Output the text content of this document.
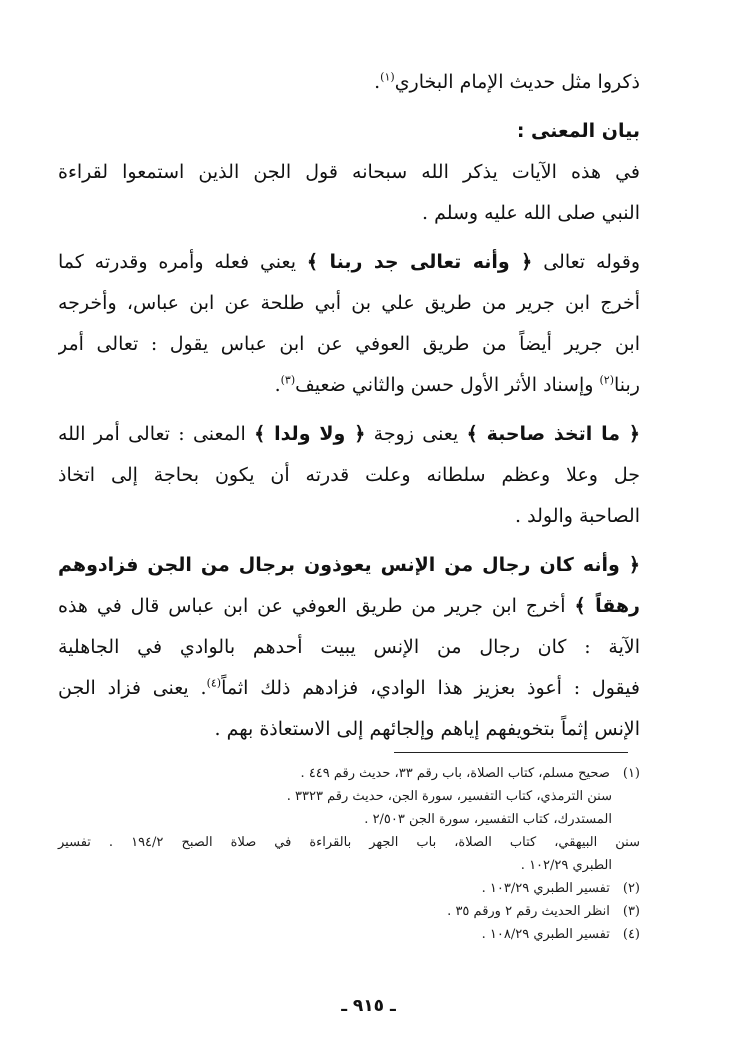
ذكروا مثل حديث الإمام البخاري$^{(١)}$.
بيان المعنى :
في هذه الآيات يذكر الله سبحانه قول الجن الذين استمعوا لقراءة
النبي صلى الله عليه وسلم .
وقوله تعالى ﴿ وأنه تعالى جد ربنا ﴾ يعني فعله وأمره وقدرته كما
أخرج ابن جرير من طريق علي بن أبي طلحة عن ابن عباس، وأخرجه
ابن جرير أيضاً من طريق العوفي عن ابن عباس يقول : تعالى أمر
ربنا$^{(٢)}$ وإسناد الأثر الأول حسن والثاني ضعيف$^{(٣)}$.
﴿ ما اتخذ صاحبة ﴾ يعنى زوجة ﴿ ولا ولدا ﴾ المعنى : تعالى أمر الله
جل وعلا وعظم سلطانه وعلت قدرته أن يكون بحاجة إلى اتخاذ
الصاحبة والولد .
﴿ وأنه كان رجال من الإنس يعوذون برجال من الجن فزادوهم
رهقاً ﴾ أخرج ابن جرير من طريق العوفي عن ابن عباس قال في هذه
الآية : كان رجال من الإنس يبيت أحدهم بالوادي في الجاهلية
فيقول : أعوذ بعزيز هذا الوادي، فزادهم ذلك اثماً$^{(٤)}$. يعنى فزاد الجن
الإنس إثماً بتخويفهم إياهم وإلجائهم إلى الاستعاذة بهم .
(١) صحيح مسلم، كتاب الصلاة، باب رقم ٣٣، حديث رقم ٤٤٩ .
سنن الترمذي، كتاب التفسير، سورة الجن، حديث رقم ٣٣٢٣ .
المستدرك، كتاب التفسير، سورة الجن ٢/٥٠٣ .
سنن البيهقي، كتاب الصلاة، باب الجهر بالقراءة في صلاة الصبح ١٩٤/٢ . تفسير
الطبري ١٠٢/٢٩ .
(٢) تفسير الطبري ١٠٣/٢٩ .
(٣) انظر الحديث رقم ٢ ورقم ٣٥ .
(٤) تفسير الطبري ١٠٨/٢٩ .
ـ ٩١٥ ـ
